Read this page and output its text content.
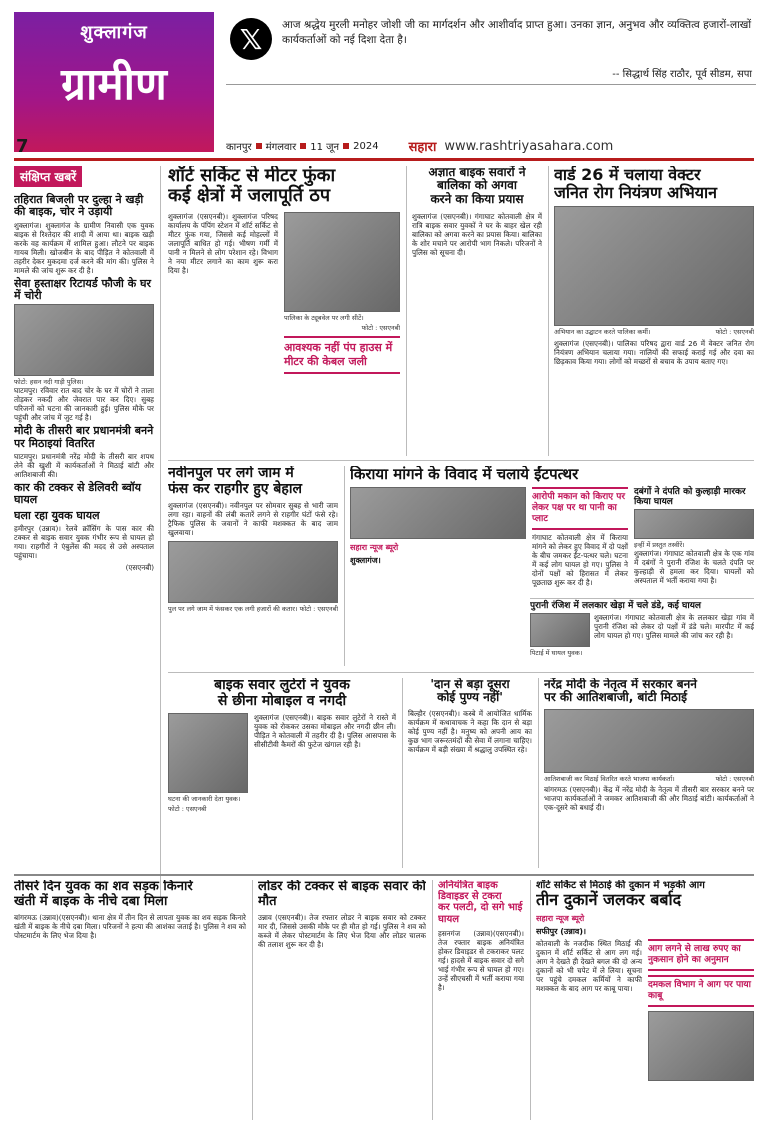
शुक्लागंज
ग्रामीण
𝕏	आज श्रद्धेय मुरली मनोहर जोशी जी का मार्गदर्शन और आशीर्वाद प्राप्त हुआ। उनका ज्ञान, अनुभव और व्यक्तित्व हजारों-लाखों कार्यकर्ताओं को नई दिशा देता है।
-- सिद्धार्थ सिंह राठौर, पूर्व सीडम, सपा
कानपुर मंगलवार 11 जून 2024 सहारा www.rashtriyasahara.com
7
संक्षिप्त खबरें
तहिरात बिजली पर दुल्हा ने खड़ी की बाइक, चोर ने उड़ायी
शुक्लागंज। शुक्लागंज के ग्रामीण निवासी एक युवक बाइक से रिश्तेदार की शादी में आया था। बाइक खड़ी करके वह कार्यक्रम में शामिल हुआ। लौटने पर बाइक गायब मिली। खोजबीन के बाद पीड़ित ने कोतवाली में तहरीर देकर मुकदमा दर्ज करने की मांग की। पुलिस ने मामले की जांच शुरू कर दी है।
सेवा हस्ताक्षर रिटायर्ड फौजी के घर में चोरी
फोटो: हसन नदी गाड़ी पुलिस।
घाटमपुर। रविवार रात बाद चोर के घर में चोरों ने ताला तोड़कर नकदी और जेवरात पार कर दिए। सुबह परिजनों को घटना की जानकारी हुई। पुलिस मौके पर पहुंची और जांच में जुट गई है।
मोदी के तीसरी बार प्रधानमंत्री बनने पर मिठाइयां वितरित
घाटमपुर। प्रधानमंत्री नरेंद्र मोदी के तीसरी बार शपथ लेने की खुशी में कार्यकर्ताओं ने मिठाई बांटी और आतिशबाजी की।
कार की टक्कर से डेलिवरी ब्वॉय घायल
घला रहा युवक घायल
हमीरपुर (उन्नाव)। रेलवे क्रॉसिंग के पास कार की टक्कर से बाइक सवार युवक गंभीर रूप से घायल हो गया। राहगीरों ने एंबुलेंस की मदद से उसे अस्पताल पहुंचाया।
(एसएनबी)
शॉर्ट सर्किट से मीटर फुंका
कई क्षेत्रों में जलापूर्ति ठप
शुक्लागंज (एसएनबी)। शुक्लागंज परिषद कार्यालय के पंपिंग स्टेशन में शॉर्ट सर्किट से मीटर फुंक गया, जिससे कई मोहल्लों में जलापूर्ति बाधित हो गई। भीषण गर्मी में पानी न मिलने से लोग परेशान रहे। विभाग ने नया मीटर लगाने का काम शुरू करा दिया है।
पालिका के ट्यूबवेल पर लगी सीटें।
फोटो : एसएनबी
आवश्यक नहीं पंप हाउस में मीटर की केबल जली
अज्ञात बाइक सवारों ने
बालिका को अगवा
करने का किया प्रयास
शुक्लागंज (एसएनबी)। गंगाघाट कोतवाली क्षेत्र में रात्रि बाइक सवार युवकों ने घर के बाहर खेल रही बालिका को अगवा करने का प्रयास किया। बालिका के शोर मचाने पर आरोपी भाग निकले। परिजनों ने पुलिस को सूचना दी।
वार्ड 26 में चलाया वेक्टर
जनित रोग नियंत्रण अभियान
अभियान का उद्घाटन करते पालिका कर्मी।	फोटो : एसएनबी
शुक्लागंज (एसएनबी)। पालिका परिषद द्वारा वार्ड 26 में वेक्टर जनित रोग नियंत्रण अभियान चलाया गया। नालियों की सफाई कराई गई और दवा का छिड़काव किया गया। लोगों को मच्छरों से बचाव के उपाय बताए गए।
नवीनपुल पर लगे जाम में
फंस कर राहगीर हुए बेहाल
शुक्लागंज (एसएनबी)। नवीनपुल पर सोमवार सुबह से भारी जाम लगा रहा। वाहनों की लंबी कतारें लगने से राहगीर घंटों फंसे रहे। ट्रैफिक पुलिस के जवानों ने काफी मशक्कत के बाद जाम खुलवाया।
पुल पर लगे जाम में फंसकर एक लगी हजारों की कतार। फोटो : एसएनबी
किराया मांगने के विवाद में चलाये ईंटपत्थर
सहारा न्यूज ब्यूरो
शुक्लागंज।
आरोपी मकान को किराए पर लेकर पक्ष पर था पानी का प्लाट
गंगाघाट कोतवाली क्षेत्र में किराया मांगने को लेकर हुए विवाद में दो पक्षों के बीच जमकर ईंट-पत्थर चले। घटना में कई लोग घायल हो गए। पुलिस ने दोनों पक्षों को हिरासत में लेकर पूछताछ शुरू कर दी है।
दबंगों ने दंपति को कुल्हाड़ी मारकर किया घायल
इन्हीं में प्रस्तुत तस्वीरें।
शुक्लागंज। गंगाघाट कोतवाली क्षेत्र के एक गांव में दबंगों ने पुरानी रंजिश के चलते दंपति पर कुल्हाड़ी से हमला कर दिया। घायलों को अस्पताल में भर्ती कराया गया है।
पुरानी रंजिश में ललकार खेड़ा में चले डंडे, कई घायल
पिटाई में घायल युवक।
शुक्लागंज। गंगाघाट कोतवाली क्षेत्र के ललकार खेड़ा गांव में पुरानी रंजिश को लेकर दो पक्षों में डंडे चले। मारपीट में कई लोग घायल हो गए। पुलिस मामले की जांच कर रही है।
बाइक सवार लुटेरों ने युवक
से छीना मोबाइल व नगदी
घटना की जानकारी देता युवक।
फोटो : एसएनबी
शुक्लागंज (एसएनबी)। बाइक सवार लुटेरों ने रास्ते में युवक को रोककर उसका मोबाइल और नगदी छीन ली। पीड़ित ने कोतवाली में तहरीर दी है। पुलिस आसपास के सीसीटीवी कैमरों की फुटेज खंगाल रही है।
'दान से बड़ा दूसरा
कोई पुण्य नहीं'
बिल्हौर (एसएनबी)। कस्बे में आयोजित धार्मिक कार्यक्रम में कथावाचक ने कहा कि दान से बड़ा कोई पुण्य नहीं है। मनुष्य को अपनी आय का कुछ भाग जरूरतमंदों की सेवा में लगाना चाहिए। कार्यक्रम में बड़ी संख्या में श्रद्धालु उपस्थित रहे।
नरेंद्र मोदी के नेतृत्व में सरकार बनने
पर की आतिशबाजी, बांटी मिठाई
आतिशबाजी कर मिठाई वितरित करते भाजपा कार्यकर्ता।	फोटो : एसएनबी
बांगरमऊ (एसएनबी)। केंद्र में नरेंद्र मोदी के नेतृत्व में तीसरी बार सरकार बनने पर भाजपा कार्यकर्ताओं ने जमकर आतिशबाजी की और मिठाई बांटी। कार्यकर्ताओं ने एक-दूसरे को बधाई दी।
तीसरे दिन युवक का शव सड़क किनारे
खंती में बाइक के नीचे दबा मिला
बांगरमऊ (उन्नाव)(एसएनबी)। थाना क्षेत्र में तीन दिन से लापता युवक का शव सड़क किनारे खंती में बाइक के नीचे दबा मिला। परिजनों ने हत्या की आशंका जताई है। पुलिस ने शव को पोस्टमार्टम के लिए भेज दिया है।
लोडर की टक्कर से बाइक सवार की मौत
उन्नाव (एसएनबी)। तेज रफ्तार लोडर ने बाइक सवार को टक्कर मार दी, जिससे उसकी मौके पर ही मौत हो गई। पुलिस ने शव को कब्जे में लेकर पोस्टमार्टम के लिए भेज दिया और लोडर चालक की तलाश शुरू कर दी है।
अनियंत्रित बाइक डिवाइडर से टकरा
कर पलटी, दो सगे भाई घायल
हसनगंज (उन्नाव)(एसएनबी)। तेज रफ्तार बाइक अनियंत्रित होकर डिवाइडर से टकराकर पलट गई। हादसे में बाइक सवार दो सगे भाई गंभीर रूप से घायल हो गए। उन्हें सीएचसी में भर्ती कराया गया है।
शॉर्ट सर्किट से मिठाई की दुकान में भड़की आग
तीन दुकानें जलकर बर्बाद
सहारा न्यूज ब्यूरो
सफीपुर (उन्नाव)।
कोतवाली के नजदीक स्थित मिठाई की दुकान में शॉर्ट सर्किट से आग लग गई। आग ने देखते ही देखते बगल की दो अन्य दुकानों को भी चपेट में ले लिया। सूचना पर पहुंचे दमकल कर्मियों ने काफी मशक्कत के बाद आग पर काबू पाया।
आग लगने से लाख रुपए का नुकसान होने का अनुमान
दमकल विभाग ने आग पर पाया काबू
